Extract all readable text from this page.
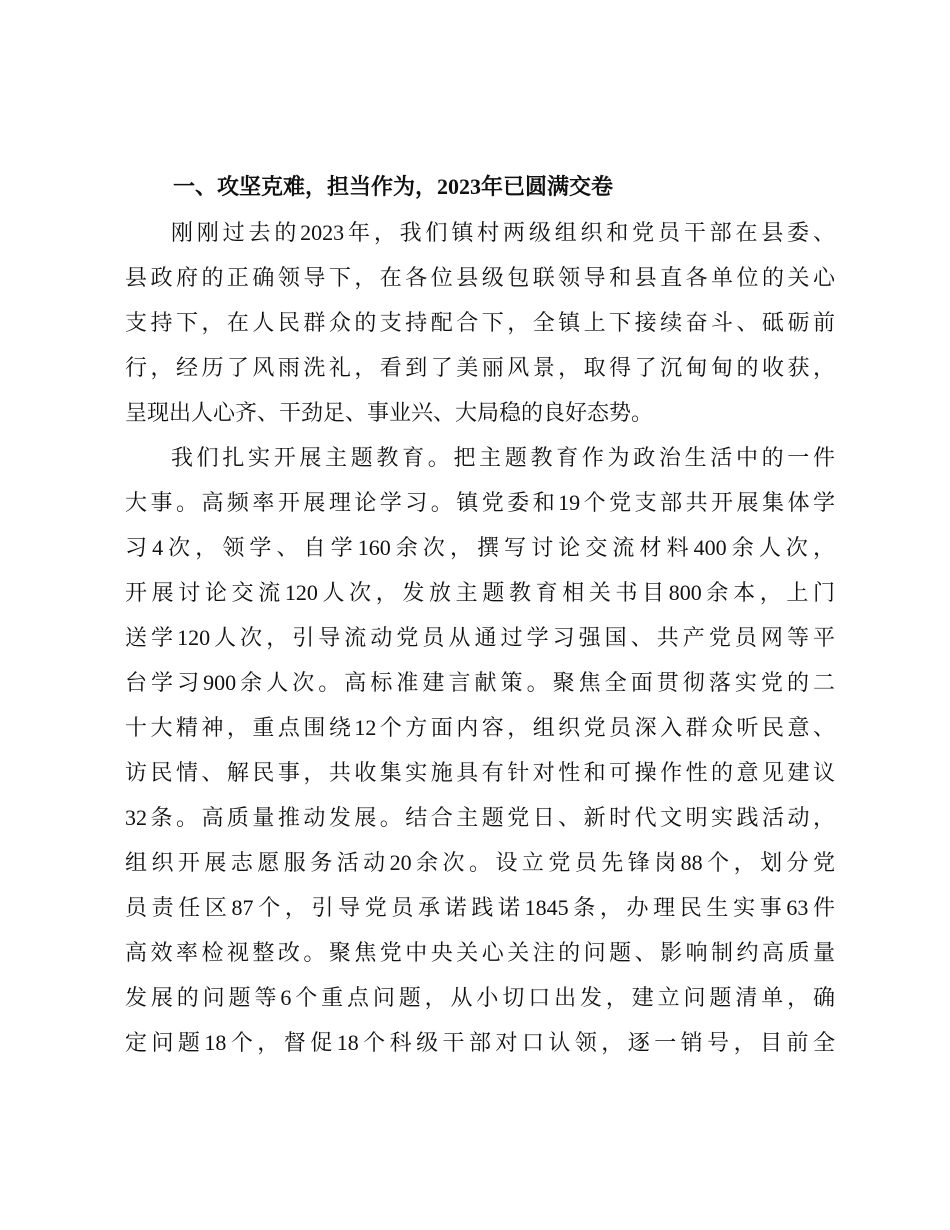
一、攻坚克难，担当作为，2023年已圆满交卷
刚刚过去的2023年，我们镇村两级组织和党员干部在县委、
县政府的正确领导下，在各位县级包联领导和县直各单位的关心
支持下，在人民群众的支持配合下，全镇上下接续奋斗、砥砺前
行，经历了风雨洗礼，看到了美丽风景，取得了沉甸甸的收获，
呈现出人心齐、干劲足、事业兴、大局稳的良好态势。
我们扎实开展主题教育。把主题教育作为政治生活中的一件
大事。高频率开展理论学习。镇党委和19个党支部共开展集体学
习4次，领学、自学160余次，撰写讨论交流材料400余人次，
开展讨论交流120人次，发放主题教育相关书目800余本，上门
送学120人次，引导流动党员从通过学习强国、共产党员网等平
台学习900余人次。高标准建言献策。聚焦全面贯彻落实党的二
十大精神，重点围绕12个方面内容，组织党员深入群众听民意、
访民情、解民事，共收集实施具有针对性和可操作性的意见建议
32条。高质量推动发展。结合主题党日、新时代文明实践活动，
组织开展志愿服务活动20余次。设立党员先锋岗88个，划分党
员责任区87个，引导党员承诺践诺1845条，办理民生实事63件
高效率检视整改。聚焦党中央关心关注的问题、影响制约高质量
发展的问题等6个重点问题，从小切口出发，建立问题清单，确
定问题18个，督促18个科级干部对口认领，逐一销号，目前全
